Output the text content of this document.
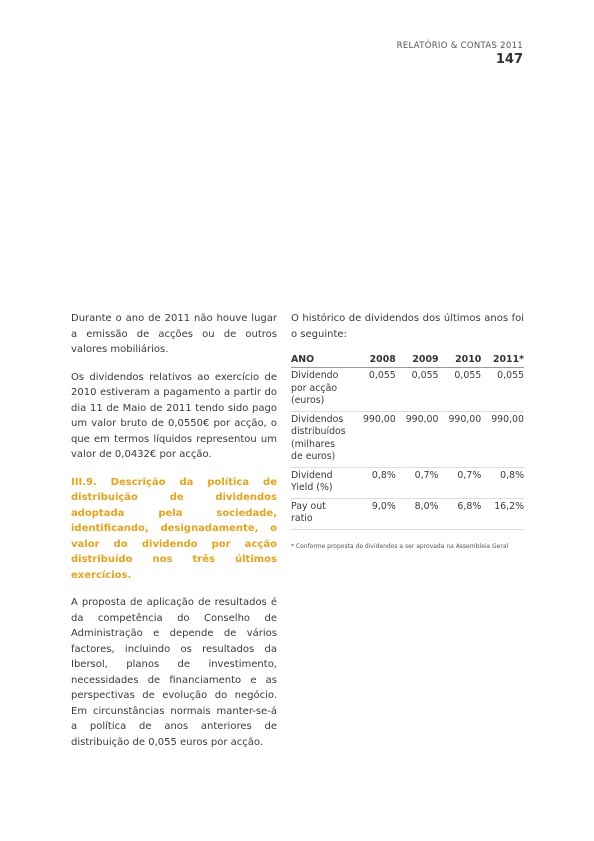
RELATÓRIO & CONTAS 2011
147

Durante o ano de 2011 não houve lugar a emissão de acções ou de outros valores mobiliários.

Os dividendos relativos ao exercício de 2010 estiveram a pagamento a partir do dia 11 de Maio de 2011 tendo sido pago um valor bruto de 0,0550€ por acção, o que em termos líquidos representou um valor de 0,0432€ por acção.

III.9. Descrição da política de distribuição de dividendos adoptada pela sociedade, identificando, designadamente, o valor do dividendo por acção distribuído nos três últimos exercícios.

A proposta de aplicação de resultados é da competência do Conselho de Administração e depende de vários factores, incluindo os resultados da Ibersol, planos de investimento, necessidades de financiamento e as perspectivas de evolução do negócio. Em circunstâncias normais manter-se-á a política de anos anteriores de distribuição de 0,055 euros por acção.

O histórico de dividendos dos últimos anos foi o seguinte:

ANO	2008	2009	2010	2011*
Dividendo por acção (euros)	0,055	0,055	0,055	0,055
Dividendos distribuídos (milhares de euros)	990,00	990,00	990,00	990,00
Dividend Yield (%)	0,8%	0,7%	0,7%	0,8%
Pay out ratio	9,0%	8,0%	6,8%	16,2%
* Conforme proposta de dividendos a ser aprovada na Assembleia Geral
